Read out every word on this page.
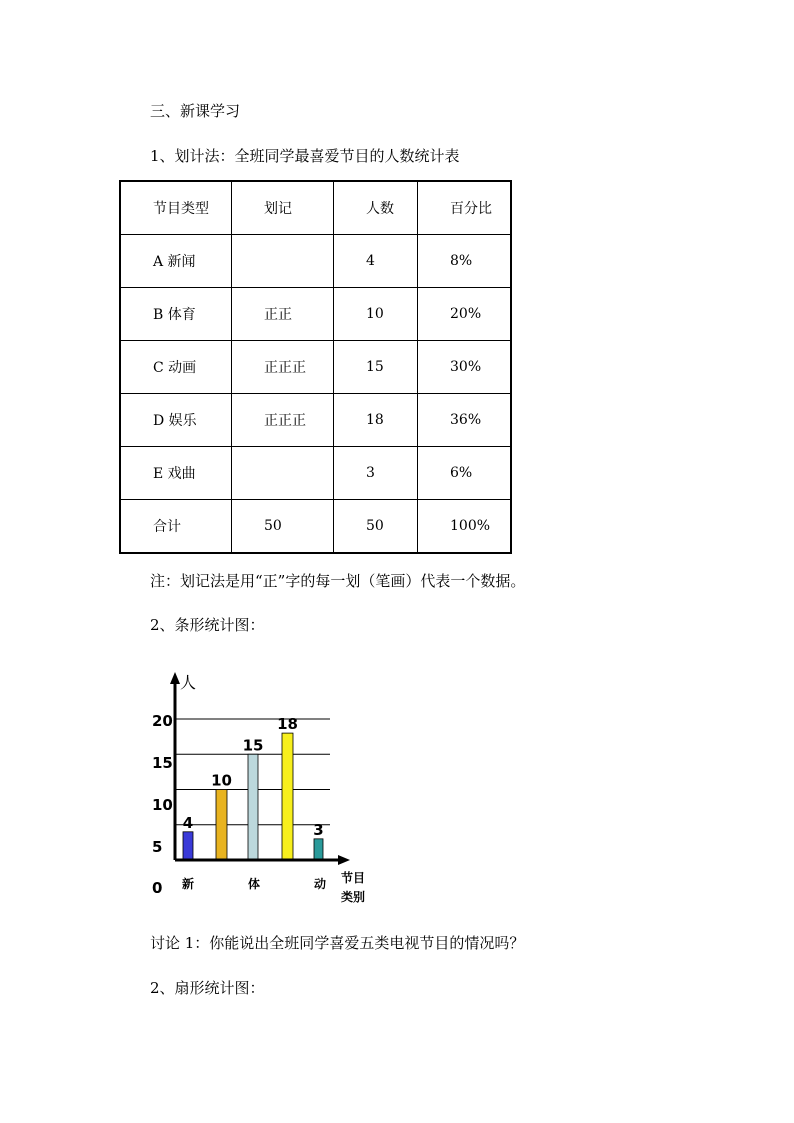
三、新课学习
1、划计法：全班同学最喜爱节目的人数统计表
节目类型	划记	人数	百分比

A 新闻		4	8%

B 体育	正正	10	20%

C 动画	正正正	15	30%

D 娱乐	正正正	18	36%

E 戏曲		3	6%

合计	50	50	100%
注：划记法是用“正”字的每一划（笔画）代表一个数据。
2、条形统计图：
0
5
10
15
20
4
10
15
18
3
人
节目
类别
新	体	动
讨论 1：你能说出全班同学喜爱五类电视节目的情况吗？
2、扇形统计图：
